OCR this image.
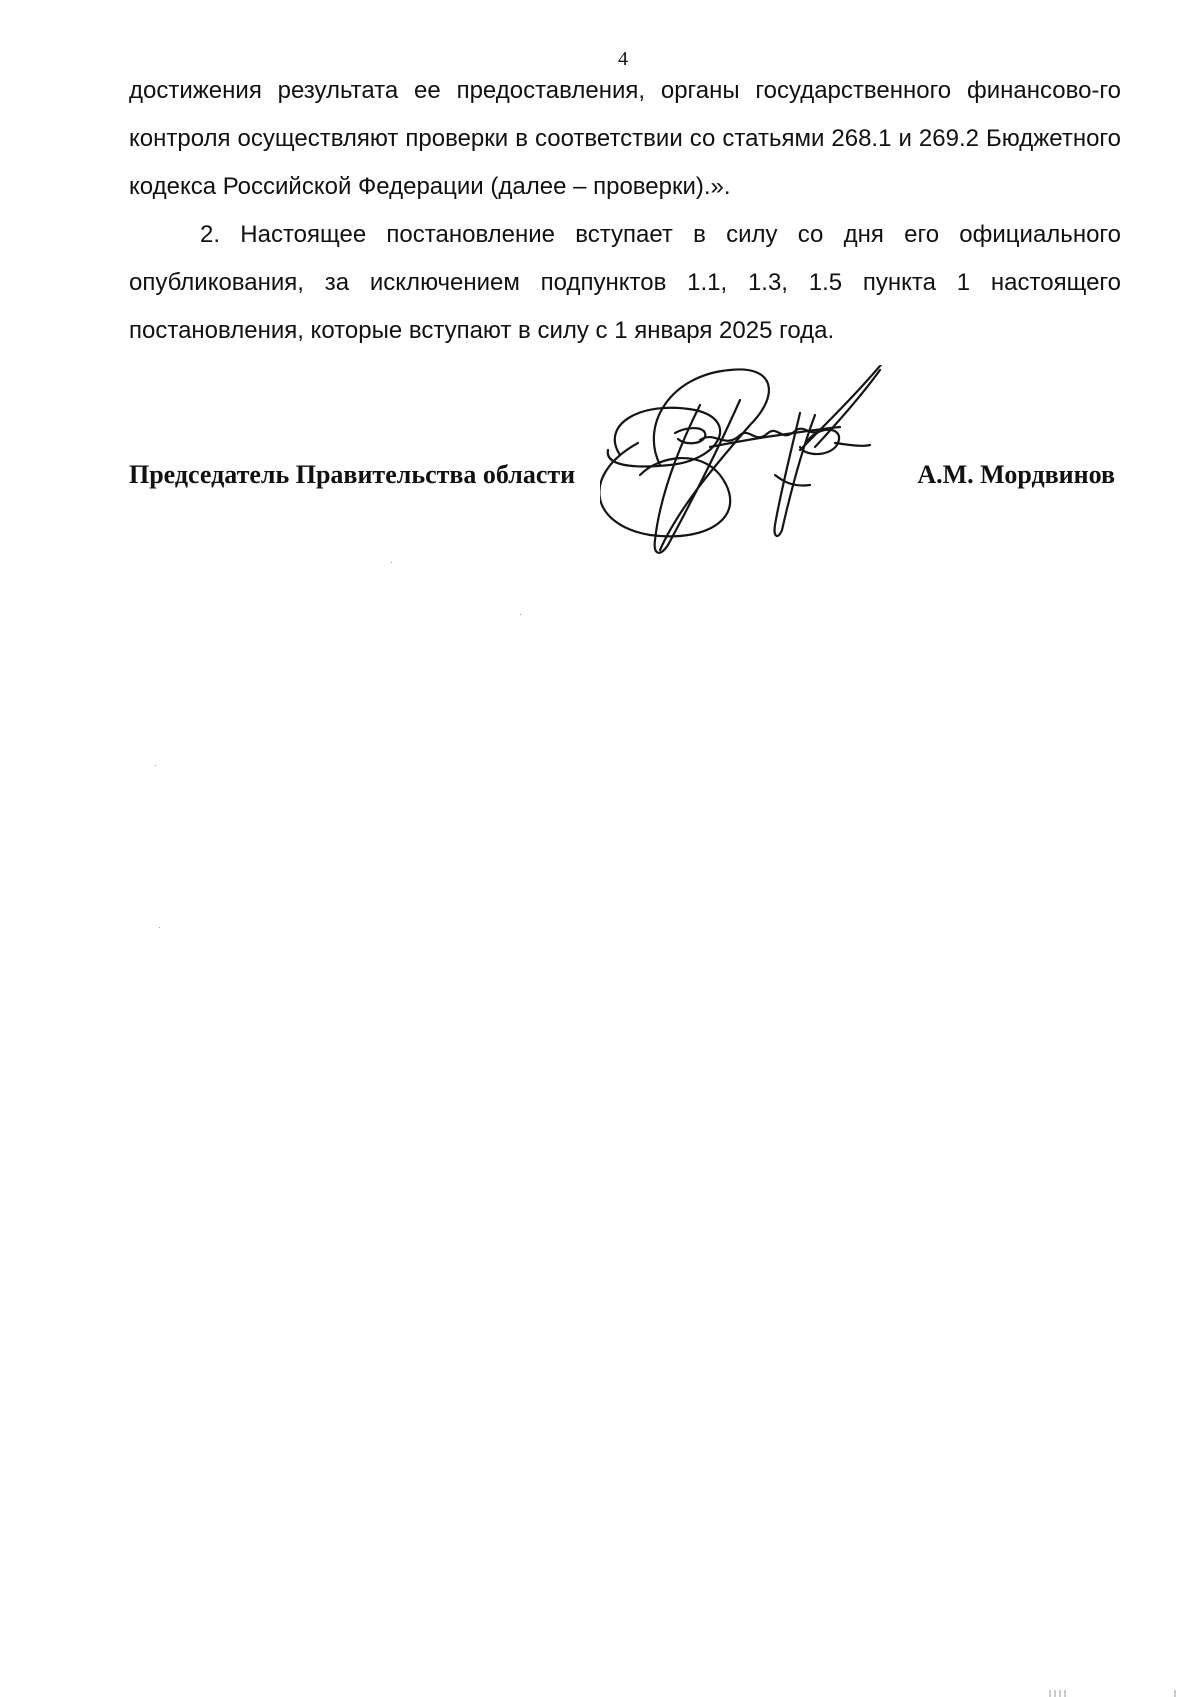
4

достижения результата ее предоставления, органы государственного финансово-го контроля осуществляют проверки в соответствии со статьями 268.1 и 269.2 Бюджетного кодекса Российской Федерации (далее – проверки).».

2. Настоящее постановление вступает в силу со дня его официального опубликования, за исключением подпунктов 1.1, 1.3, 1.5 пункта 1 настоящего постановления, которые вступают в силу с 1 января 2025 года.

Председатель Правительства области	А.М. Мордвинов
